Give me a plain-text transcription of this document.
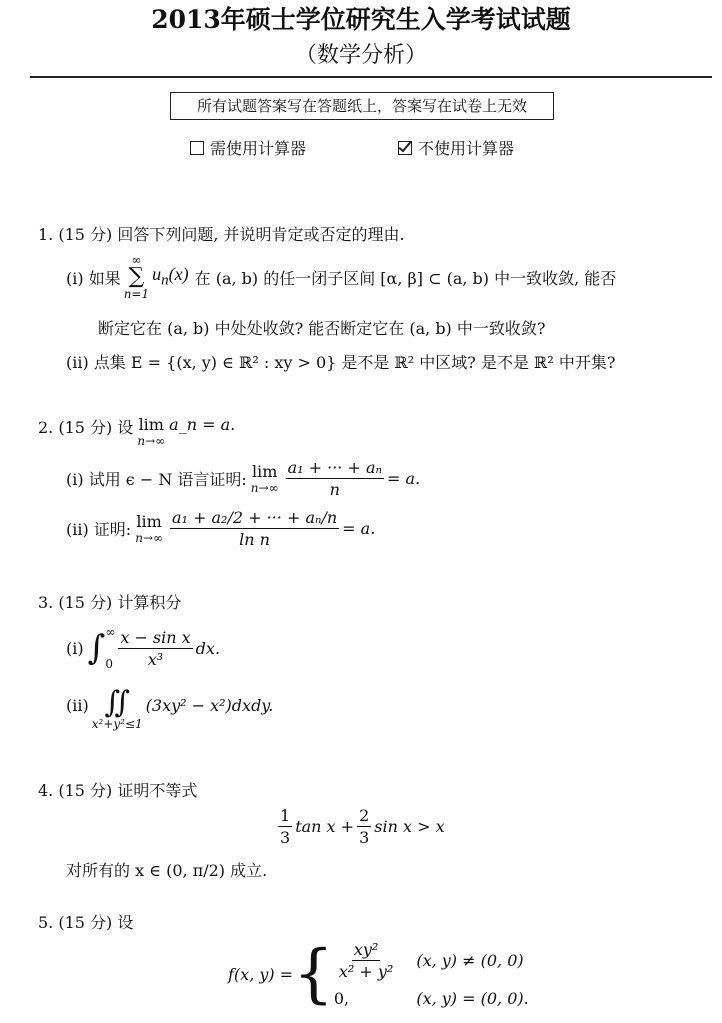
2013年硕士学位研究生入学考试试题
（数学分析）
所有试题答案写在答题纸上，答案写在试卷上无效
需使用计算器	不使用计算器
1. (15 分) 回答下列问题, 并说明肯定或否定的理由.
(i) 如果
∞
∑
n=1
$u_n(x)$ 在 (a, b) 的任一闭子区间 [α, β] ⊂ (a, b) 中一致收敛, 能否
断定它在 (a, b) 中处处收敛? 能否断定它在 (a, b) 中一致收敛?
(ii) 点集 E = {(x, y) ∈ ℝ² : xy > 0} 是不是 ℝ² 中区域? 是不是 ℝ² 中开集?
2. (15 分) 设 lim
n→∞
a_n = a.
(i) 试用 ϵ − N 语言证明: lim
$n\to\infty \frac{\text{a₁ + ··· + aₙ}}{n} = a$.
(ii) 证明: lim
$n\to\infty \frac{\text{a₁ + a₂/2 + ··· + aₙ/n}}{\text{ln n}} = a$.
3. (15 分) 计算积分
(i) ∫ ∞
$0 \frac{\text{x − sin x}}{\text{x³}}$ dx.
(ii) ∬
x²+y²≤1
(3xy² − x²)dxdy.
4. (15 分) 证明不等式
$\frac{1}{3}$ $\tan x + \frac{2}{3}$ sin x > x
对所有的 x ∈ (0, π/2) 成立.
5. (15 分) 设
f(x, y) = { $\frac{\text{xy²}}{\text{x² + y²}} (x$, y) ≠ (0, 0)
0,	(x, y) = (0, 0).
